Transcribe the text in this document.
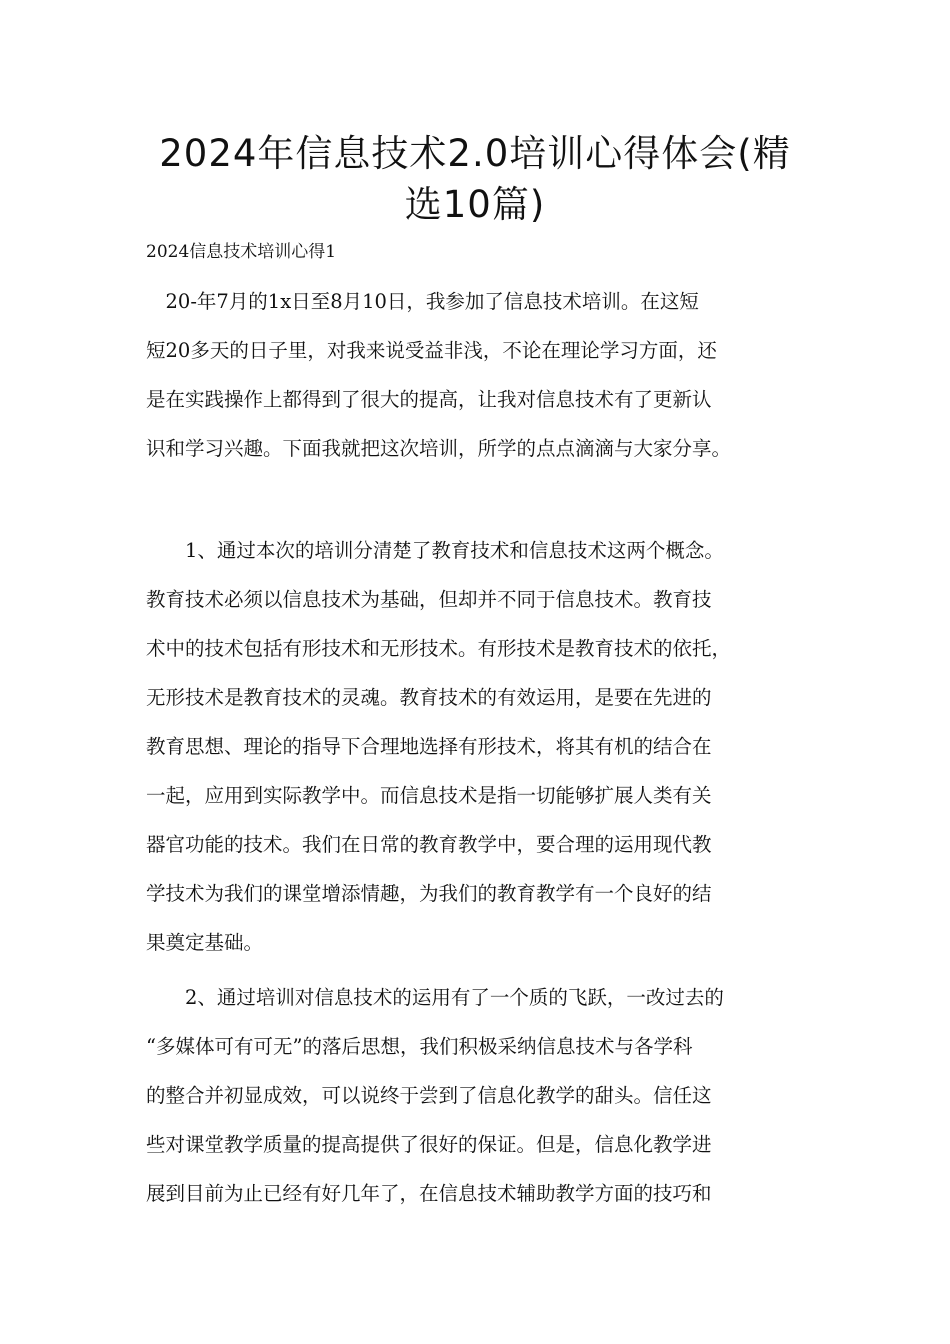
2024年信息技术2.0培训心得体会(精
选10篇)
2024信息技术培训心得1
　20-年7月的1x日至8月10日，我参加了信息技术培训。在这短
短20多天的日子里，对我来说受益非浅，不论在理论学习方面，还
是在实践操作上都得到了很大的提高，让我对信息技术有了更新认
识和学习兴趣。下面我就把这次培训，所学的点点滴滴与大家分享。
　　1、通过本次的培训分清楚了教育技术和信息技术这两个概念。
教育技术必须以信息技术为基础，但却并不同于信息技术。教育技
术中的技术包括有形技术和无形技术。有形技术是教育技术的依托，
无形技术是教育技术的灵魂。教育技术的有效运用，是要在先进的
教育思想、理论的指导下合理地选择有形技术，将其有机的结合在
一起，应用到实际教学中。而信息技术是指一切能够扩展人类有关
器官功能的技术。我们在日常的教育教学中，要合理的运用现代教
学技术为我们的课堂增添情趣，为我们的教育教学有一个良好的结
果奠定基础。
　　2、通过培训对信息技术的运用有了一个质的飞跃，一改过去的
“多媒体可有可无”的落后思想，我们积极采纳信息技术与各学科
的整合并初显成效，可以说终于尝到了信息化教学的甜头。信任这
些对课堂教学质量的提高提供了很好的保证。但是，信息化教学进
展到目前为止已经有好几年了，在信息技术辅助教学方面的技巧和
